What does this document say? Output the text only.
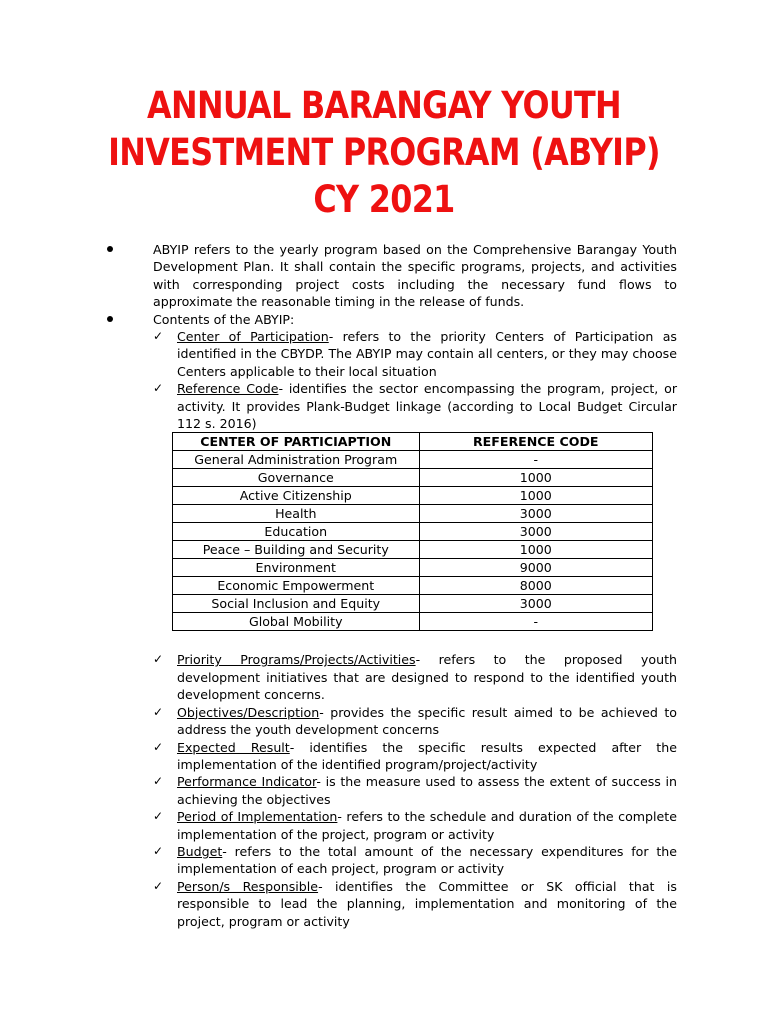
ANNUAL BARANGAY YOUTH
INVESTMENT PROGRAM (ABYIP)
CY 2021
ABYIP refers to the yearly program based on the Comprehensive Barangay Youth Development Plan. It shall contain the specific programs, projects, and activities with corresponding project costs including the necessary fund flows to approximate the reasonable timing in the release of funds.
Contents of the ABYIP:
✓	Center of Participation- refers to the priority Centers of Participation as identified in the CBYDP. The ABYIP may contain all centers, or they may choose Centers applicable to their local situation
✓	Reference Code- identifies the sector encompassing the program, project, or activity. It provides Plank-Budget linkage (according to Local Budget Circular 112 s. 2016)
CENTER OF PARTICIAPTION	REFERENCE CODE
General Administration Program	-
Governance	1000
Active Citizenship	1000
Health	3000
Education	3000
Peace – Building and Security	1000
Environment	9000
Economic Empowerment	8000
Social Inclusion and Equity	3000
Global Mobility	-
✓	Priority Programs/Projects/Activities- refers to the proposed youth development initiatives that are designed to respond to the identified youth development concerns.
✓	Objectives/Description- provides the specific result aimed to be achieved to address the youth development concerns
✓	Expected Result- identifies the specific results expected after the implementation of the identified program/project/activity
✓	Performance Indicator- is the measure used to assess the extent of success in achieving the objectives
✓	Period of Implementation- refers to the schedule and duration of the complete implementation of the project, program or activity
✓	Budget- refers to the total amount of the necessary expenditures for the implementation of each project, program or activity
✓	Person/s Responsible- identifies the Committee or SK official that is responsible to lead the planning, implementation and monitoring of the project, program or activity
